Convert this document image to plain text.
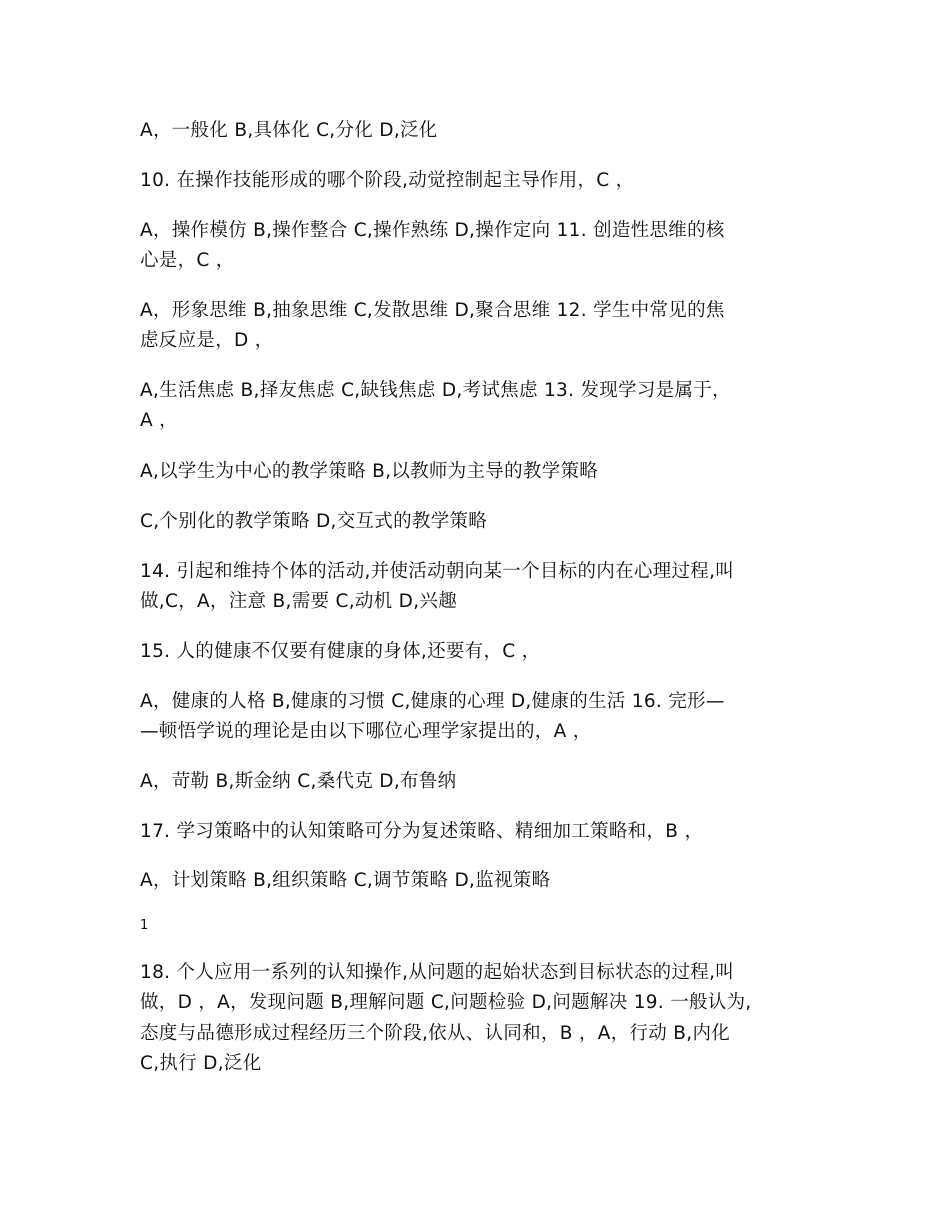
A，一般化 B,具体化 C,分化 D,泛化
10. 在操作技能形成的哪个阶段,动觉控制起主导作用，C ，
A，操作模仿 B,操作整合 C,操作熟练 D,操作定向 11. 创造性思维的核
心是，C ，
A，形象思维 B,抽象思维 C,发散思维 D,聚合思维 12. 学生中常见的焦
虑反应是，D ，
A,生活焦虑 B,择友焦虑 C,缺钱焦虑 D,考试焦虑 13. 发现学习是属于，
A ，
A,以学生为中心的教学策略 B,以教师为主导的教学策略
C,个别化的教学策略 D,交互式的教学策略
14. 引起和维持个体的活动,并使活动朝向某一个目标的内在心理过程,叫
做,C，A，注意 B,需要 C,动机 D,兴趣
15. 人的健康不仅要有健康的身体,还要有，C ，
A，健康的人格 B,健康的习惯 C,健康的心理 D,健康的生活 16. 完形—
—顿悟学说的理论是由以下哪位心理学家提出的，A ，
A，苛勒 B,斯金纳 C,桑代克 D,布鲁纳
17. 学习策略中的认知策略可分为复述策略、精细加工策略和，B ，
A，计划策略 B,组织策略 C,调节策略 D,监视策略
1
18. 个人应用一系列的认知操作,从问题的起始状态到目标状态的过程,叫
做，D ，A，发现问题 B,理解问题 C,问题检验 D,问题解决 19. 一般认为,
态度与品德形成过程经历三个阶段,依从、认同和，B ，A，行动 B,内化
C,执行 D,泛化
